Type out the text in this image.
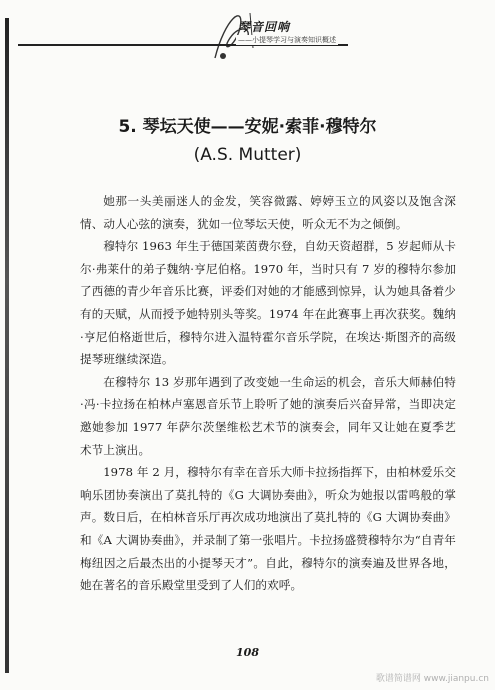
琴音回响
——小提琴学习与演奏知识概述
5. 琴坛天使——安妮·索菲·穆特尔
(A.S. Mutter)

她那一头美丽迷人的金发，笑容微露、婷婷玉立的风姿以及饱含深情、动人心弦的演奏，犹如一位琴坛天使，听众无不为之倾倒。

穆特尔 1963 年生于德国莱茵费尔登，自幼天资超群，5 岁起师从卡尔·弗莱什的弟子魏纳·亨尼伯格。1970 年，当时只有 7 岁的穆特尔参加了西德的青少年音乐比赛，评委们对她的才能感到惊异，认为她具备着少有的天赋，从而授予她特别头等奖。1974 年在此赛事上再次获奖。魏纳·亨尼伯格逝世后，穆特尔进入温特霍尔音乐学院，在埃达·斯图齐的高级提琴班继续深造。

在穆特尔 13 岁那年遇到了改变她一生命运的机会，音乐大师赫伯特·冯·卡拉扬在柏林卢塞恩音乐节上聆听了她的演奏后兴奋异常，当即决定邀她参加 1977 年萨尔茨堡维松艺术节的演奏会，同年又让她在夏季艺术节上演出。

1978 年 2 月，穆特尔有幸在音乐大师卡拉扬指挥下，由柏林爱乐交响乐团协奏演出了莫扎特的《G 大调协奏曲》，听众为她报以雷鸣般的掌声。数日后，在柏林音乐厅再次成功地演出了莫扎特的《G 大调协奏曲》和《A 大调协奏曲》，并录制了第一张唱片。卡拉扬盛赞穆特尔为“自青年梅纽因之后最杰出的小提琴天才”。自此，穆特尔的演奏遍及世界各地，她在著名的音乐殿堂里受到了人们的欢呼。

108
歌谱简谱网 www.jianpu.cn
